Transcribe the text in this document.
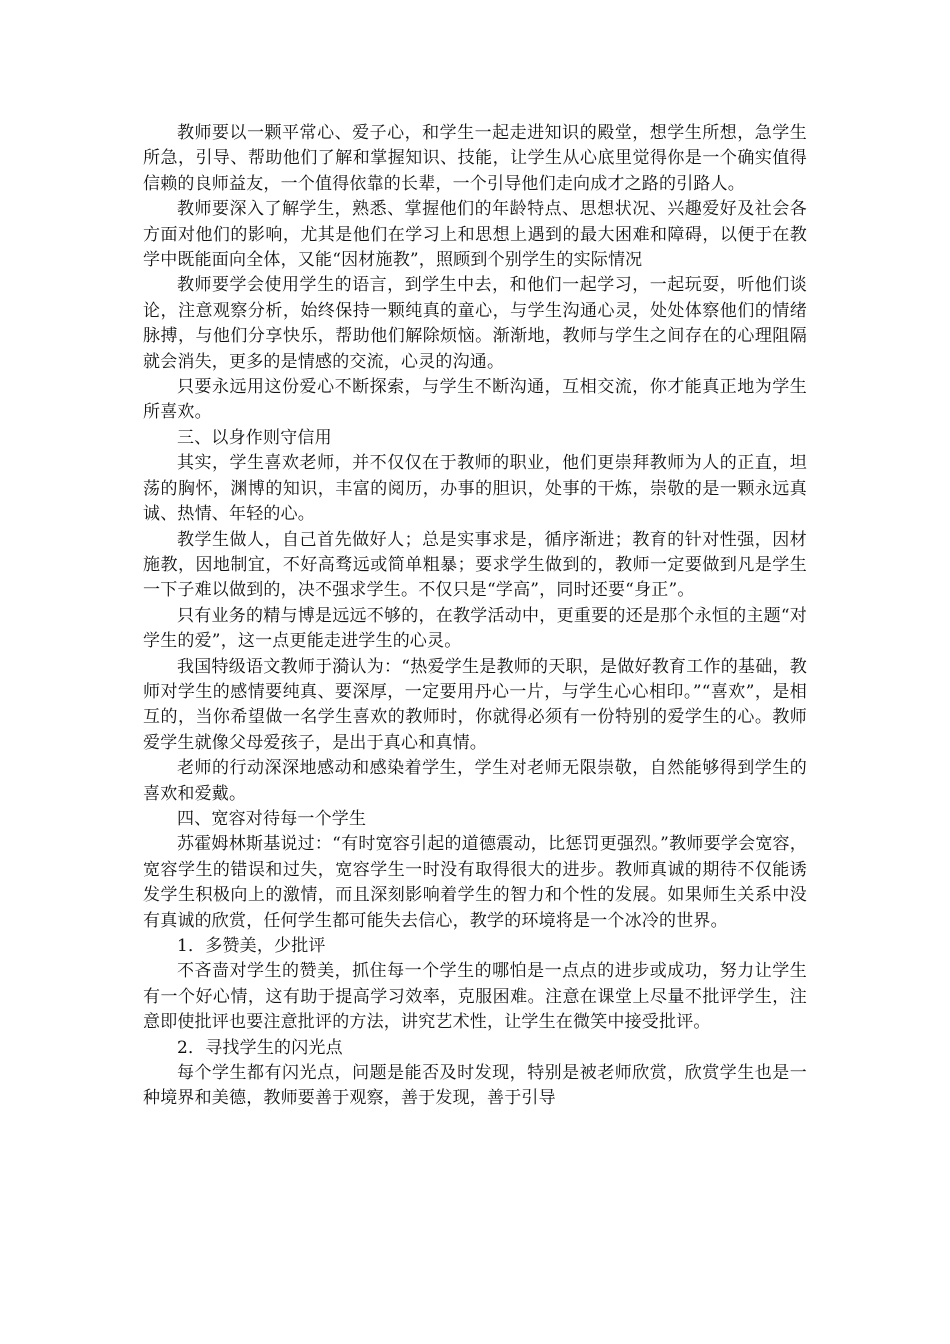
教师要以一颗平常心、爱子心，和学生一起走进知识的殿堂，想学生所想，急学生所急，引导、帮助他们了解和掌握知识、技能，让学生从心底里觉得你是一个确实值得信赖的良师益友，一个值得依靠的长辈，一个引导他们走向成才之路的引路人。

教师要深入了解学生，熟悉、掌握他们的年龄特点、思想状况、兴趣爱好及社会各方面对他们的影响，尤其是他们在学习上和思想上遇到的最大困难和障碍，以便于在教学中既能面向全体，又能“因材施教”，照顾到个别学生的实际情况

教师要学会使用学生的语言，到学生中去，和他们一起学习，一起玩耍，听他们谈论，注意观察分析，始终保持一颗纯真的童心，与学生沟通心灵，处处体察他们的情绪脉搏，与他们分享快乐，帮助他们解除烦恼。渐渐地，教师与学生之间存在的心理阻隔就会消失，更多的是情感的交流，心灵的沟通。

只要永远用这份爱心不断探索，与学生不断沟通，互相交流，你才能真正地为学生所喜欢。

三、以身作则守信用

其实，学生喜欢老师，并不仅仅在于教师的职业，他们更崇拜教师为人的正直，坦荡的胸怀，渊博的知识，丰富的阅历，办事的胆识，处事的干炼，崇敬的是一颗永远真诚、热情、年轻的心。

教学生做人，自己首先做好人；总是实事求是，循序渐进；教育的针对性强，因材施教，因地制宜，不好高骛远或简单粗暴；要求学生做到的，教师一定要做到凡是学生一下子难以做到的，决不强求学生。不仅只是“学高”，同时还要“身正”。

只有业务的精与博是远远不够的，在教学活动中，更重要的还是那个永恒的主题“对学生的爱”，这一点更能走进学生的心灵。

我国特级语文教师于漪认为：“热爱学生是教师的天职，是做好教育工作的基础，教师对学生的感情要纯真、要深厚，一定要用丹心一片，与学生心心相印。”“喜欢”，是相互的，当你希望做一名学生喜欢的教师时，你就得必须有一份特别的爱学生的心。教师爱学生就像父母爱孩子，是出于真心和真情。

老师的行动深深地感动和感染着学生，学生对老师无限崇敬，自然能够得到学生的喜欢和爱戴。

四、宽容对待每一个学生

苏霍姆林斯基说过：“有时宽容引起的道德震动，比惩罚更强烈。”教师要学会宽容，宽容学生的错误和过失，宽容学生一时没有取得很大的进步。教师真诚的期待不仅能诱发学生积极向上的激情，而且深刻影响着学生的智力和个性的发展。如果师生关系中没有真诚的欣赏，任何学生都可能失去信心，教学的环境将是一个冰冷的世界。

1．多赞美，少批评

不吝啬对学生的赞美，抓住每一个学生的哪怕是一点点的进步或成功，努力让学生有一个好心情，这有助于提高学习效率，克服困难。注意在课堂上尽量不批评学生，注意即使批评也要注意批评的方法，讲究艺术性，让学生在微笑中接受批评。

2．寻找学生的闪光点

每个学生都有闪光点，问题是能否及时发现，特别是被老师欣赏，欣赏学生也是一种境界和美德，教师要善于观察，善于发现，善于引导
